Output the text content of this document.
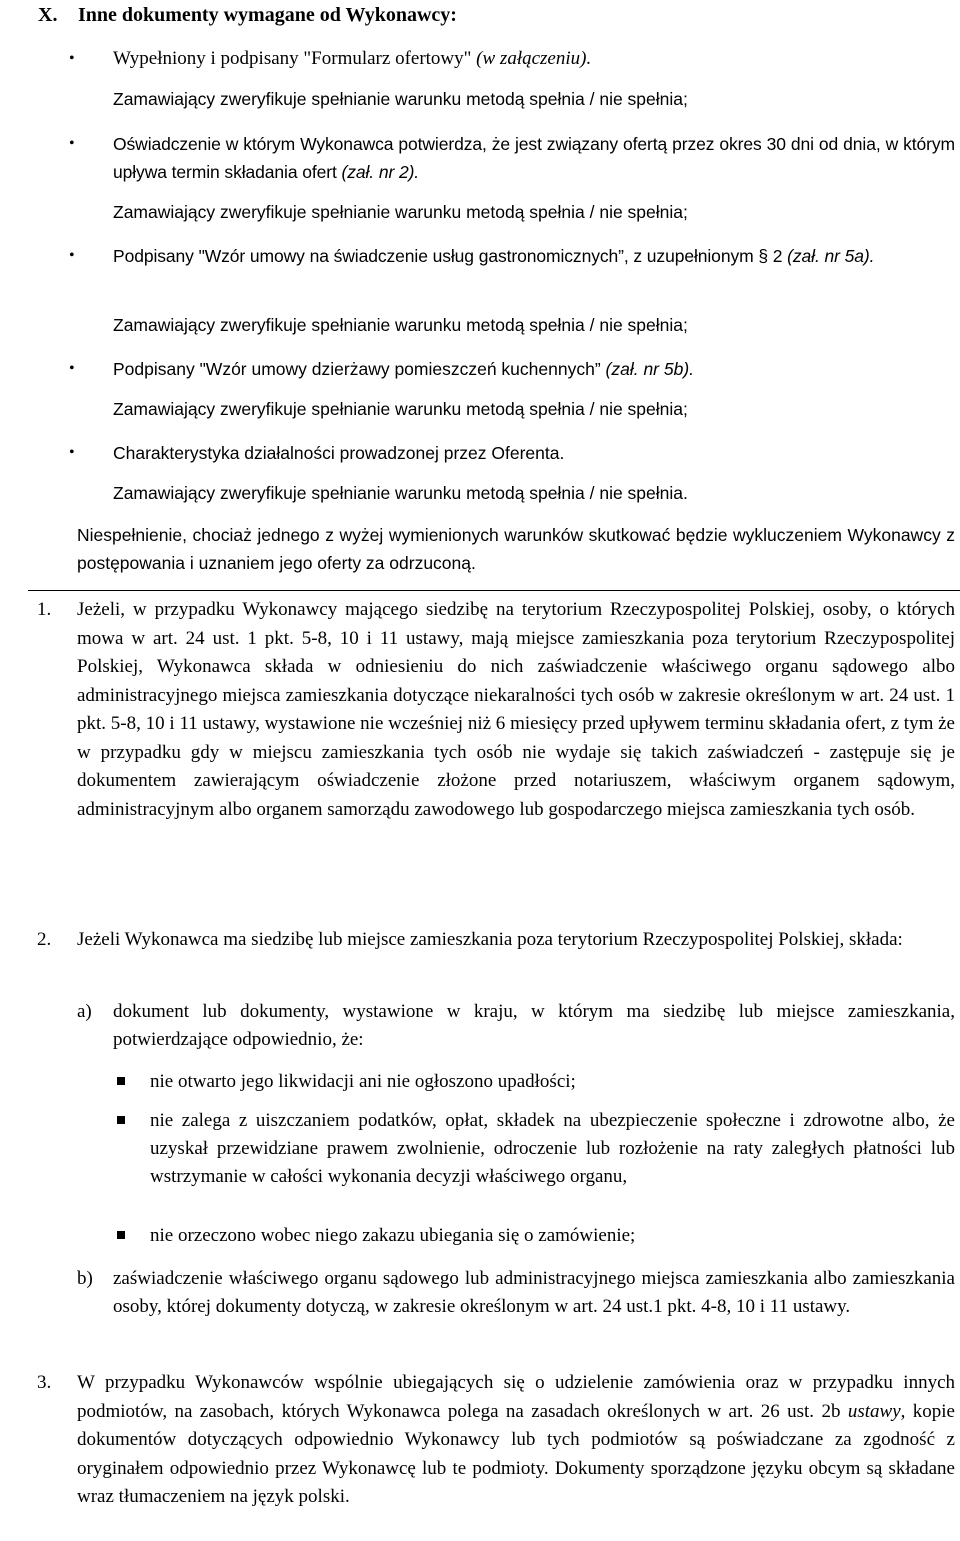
X. Inne dokumenty wymagane od Wykonawcy:
• Wypełniony i podpisany "Formularz ofertowy" (w załączeniu).
Zamawiający zweryfikuje spełnianie warunku metodą spełnia / nie spełnia;
• Oświadczenie w którym Wykonawca potwierdza, że jest związany ofertą przez okres 30 dni od dnia, w którym upływa termin składania ofert (zał. nr 2).
Zamawiający zweryfikuje spełnianie warunku metodą spełnia / nie spełnia;
• Podpisany "Wzór umowy na świadczenie usług gastronomicznych”, z uzupełnionym § 2 (zał. nr 5a).
Zamawiający zweryfikuje spełnianie warunku metodą spełnia / nie spełnia;
• Podpisany "Wzór umowy dzierżawy pomieszczeń kuchennych” (zał. nr 5b).
Zamawiający zweryfikuje spełnianie warunku metodą spełnia / nie spełnia;
• Charakterystyka działalności prowadzonej przez Oferenta.
Zamawiający zweryfikuje spełnianie warunku metodą spełnia / nie spełnia.
Niespełnienie, chociaż jednego z wyżej wymienionych warunków skutkować będzie wykluczeniem Wykonawcy z postępowania i uznaniem jego oferty za odrzuconą.
1. Jeżeli, w przypadku Wykonawcy mającego siedzibę na terytorium Rzeczypospolitej Polskiej, osoby, o których mowa w art. 24 ust. 1 pkt. 5-8, 10 i 11 ustawy, mają miejsce zamieszkania poza terytorium Rzeczypospolitej Polskiej, Wykonawca składa w odniesieniu do nich zaświadczenie właściwego organu sądowego albo administracyjnego miejsca zamieszkania dotyczące niekaralności tych osób w zakresie określonym w art. 24 ust. 1 pkt. 5-8, 10 i 11 ustawy, wystawione nie wcześniej niż 6 miesięcy przed upływem terminu składania ofert, z tym że w przypadku gdy w miejscu zamieszkania tych osób nie wydaje się takich zaświadczeń - zastępuje się je dokumentem zawierającym oświadczenie złożone przed notariuszem, właściwym organem sądowym, administracyjnym albo organem samorządu zawodowego lub gospodarczego miejsca zamieszkania tych osób.
2. Jeżeli Wykonawca ma siedzibę lub miejsce zamieszkania poza terytorium Rzeczypospolitej Polskiej, składa:
a) dokument lub dokumenty, wystawione w kraju, w którym ma siedzibę lub miejsce zamieszkania, potwierdzające odpowiednio, że:
nie otwarto jego likwidacji ani nie ogłoszono upadłości;
nie zalega z uiszczaniem podatków, opłat, składek na ubezpieczenie społeczne i zdrowotne albo, że uzyskał przewidziane prawem zwolnienie, odroczenie lub rozłożenie na raty zaległych płatności lub wstrzymanie w całości wykonania decyzji właściwego organu,
nie orzeczono wobec niego zakazu ubiegania się o zamówienie;
b) zaświadczenie właściwego organu sądowego lub administracyjnego miejsca zamieszkania albo zamieszkania osoby, której dokumenty dotyczą, w zakresie określonym w art. 24 ust.1 pkt. 4-8, 10 i 11 ustawy.
3. W przypadku Wykonawców wspólnie ubiegających się o udzielenie zamówienia oraz w przypadku innych podmiotów, na zasobach, których Wykonawca polega na zasadach określonych w art. 26 ust. 2b ustawy, kopie dokumentów dotyczących odpowiednio Wykonawcy lub tych podmiotów są poświadczane za zgodność z oryginałem odpowiednio przez Wykonawcę lub te podmioty. Dokumenty sporządzone języku obcym są składane wraz tłumaczeniem na język polski.
